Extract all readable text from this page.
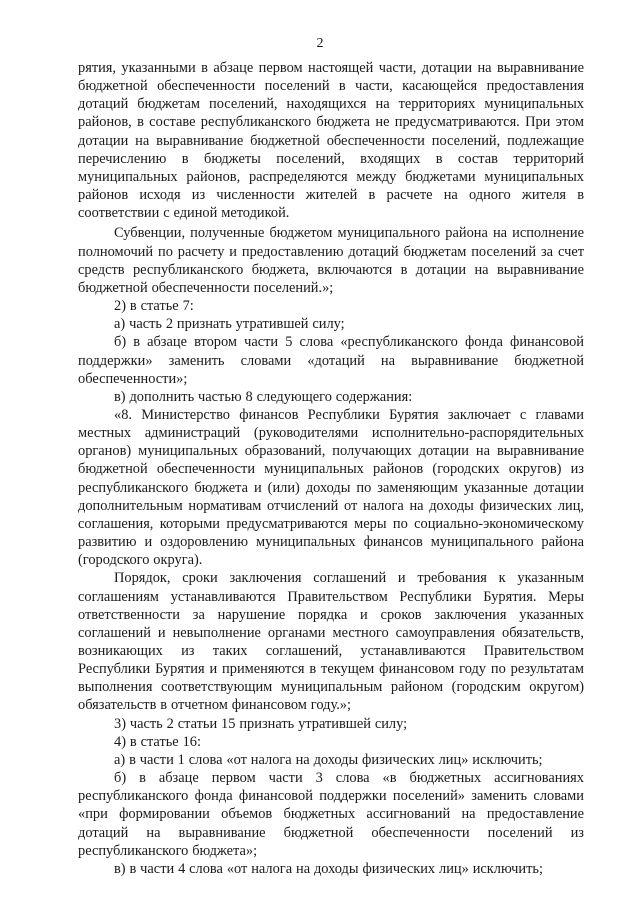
2

рятия, указанными в абзаце первом настоящей части, дотации на выравнивание бюджетной обеспеченности поселений в части, касающейся предоставления дотаций бюджетам поселений, находящихся на территориях муниципальных районов, в составе республиканского бюджета не предусматриваются. При этом дотации на выравнивание бюджетной обеспеченности поселений, подлежащие перечислению в бюджеты поселений, входящих в состав территорий муниципальных районов, распределяются между бюджетами муниципальных районов исходя из численности жителей в расчете на одного жителя в соответствии с единой методикой.

Субвенции, полученные бюджетом муниципального района на исполнение полномочий по расчету и предоставлению дотаций бюджетам поселений за счет средств республиканского бюджета, включаются в дотации на выравнивание бюджетной обеспеченности поселений.»;

2) в статье 7:

а) часть 2 признать утратившей силу;

б) в абзаце втором части 5 слова «республиканского фонда финансовой поддержки» заменить словами «дотаций на выравнивание бюджетной обеспеченности»;

в) дополнить частью 8 следующего содержания:

«8. Министерство финансов Республики Бурятия заключает с главами местных администраций (руководителями исполнительно-распорядительных органов) муниципальных образований, получающих дотации на выравнивание бюджетной обеспеченности муниципальных районов (городских округов) из республиканского бюджета и (или) доходы по заменяющим указанные дотации дополнительным нормативам отчислений от налога на доходы физических лиц, соглашения, которыми предусматриваются меры по социально-экономическому развитию и оздоровлению муниципальных финансов муниципального района (городского округа).

Порядок, сроки заключения соглашений и требования к указанным соглашениям устанавливаются Правительством Республики Бурятия. Меры ответственности за нарушение порядка и сроков заключения указанных соглашений и невыполнение органами местного самоуправления обязательств, возникающих из таких соглашений, устанавливаются Правительством Республики Бурятия и применяются в текущем финансовом году по результатам выполнения соответствующим муниципальным районом (городским округом) обязательств в отчетном финансовом году.»;

3) часть 2 статьи 15 признать утратившей силу;

4) в статье 16:

а) в части 1 слова «от налога на доходы физических лиц» исключить;

б) в абзаце первом части 3 слова «в бюджетных ассигнованиях республиканского фонда финансовой поддержки поселений» заменить словами «при формировании объемов бюджетных ассигнований на предоставление дотаций на выравнивание бюджетной обеспеченности поселений из республиканского бюджета»;

в) в части 4 слова «от налога на доходы физических лиц» исключить;
